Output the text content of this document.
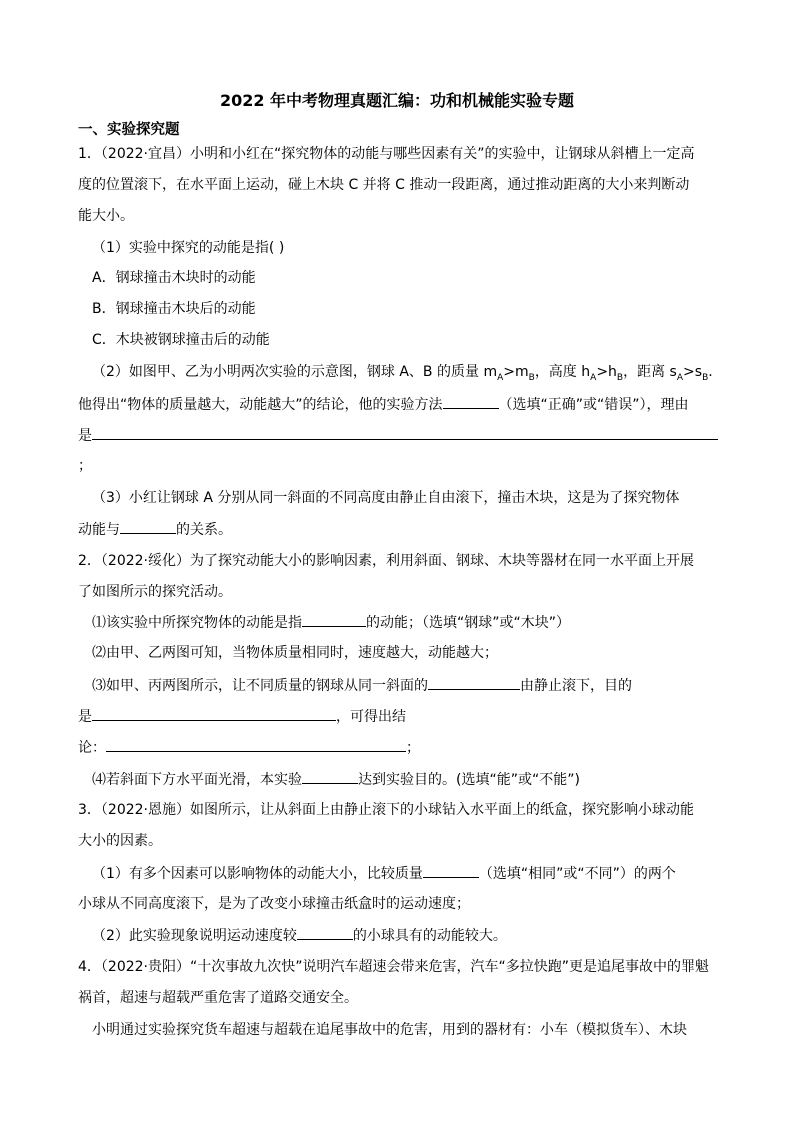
2022 年中考物理真题汇编：功和机械能实验专题
一、实验探究题
1．（2022·宜昌）小明和小红在“探究物体的动能与哪些因素有关”的实验中，让钢球从斜槽上一定高
度的位置滚下，在水平面上运动，碰上木块 C 并将 C 推动一段距离，通过推动距离的大小来判断动
能大小。
（1）实验中探究的动能是指( )
A．钢球撞击木块时的动能
B．钢球撞击木块后的动能
C．木块被钢球撞击后的动能
（2）如图甲、乙为小明两次实验的示意图，钢球 A、B 的质量 $m_A>m_B$，高度 $h_A>h_B$，距离 $s_A>s_B$.
他得出“物体的质量越大，动能越大”的结论，他的实验方法	（选填“正确”或“错误”），理由
是
；
（3）小红让钢球 A 分别从同一斜面的不同高度由静止自由滚下，撞击木块，这是为了探究物体
动能与	的关系。
2．（2022·绥化）为了探究动能大小的影响因素，利用斜面、钢球、木块等器材在同一水平面上开展
了如图所示的探究活动。
⑴该实验中所探究物体的动能是指	的动能；（选填“钢球”或“木块”）
⑵由甲、乙两图可知，当物体质量相同时，速度越大，动能越大；
⑶如甲、丙两图所示，让不同质量的钢球从同一斜面的	由静止滚下，目的
是	，可得出结
论：	；
⑷若斜面下方水平面光滑，本实验	达到实验目的。(选填“能”或“不能”)
3．（2022·恩施）如图所示，让从斜面上由静止滚下的小球钻入水平面上的纸盒，探究影响小球动能
大小的因素。
（1）有多个因素可以影响物体的动能大小，比较质量	（选填“相同”或“不同”）的两个
小球从不同高度滚下，是为了改变小球撞击纸盒时的运动速度；
（2）此实验现象说明运动速度较	的小球具有的动能较大。
4．（2022·贵阳）“十次事故九次快”说明汽车超速会带来危害，汽车“多拉快跑”更是追尾事故中的罪魁
祸首，超速与超载严重危害了道路交通安全。
小明通过实验探究货车超速与超载在追尾事故中的危害，用到的器材有：小车（模拟货车）、木块
